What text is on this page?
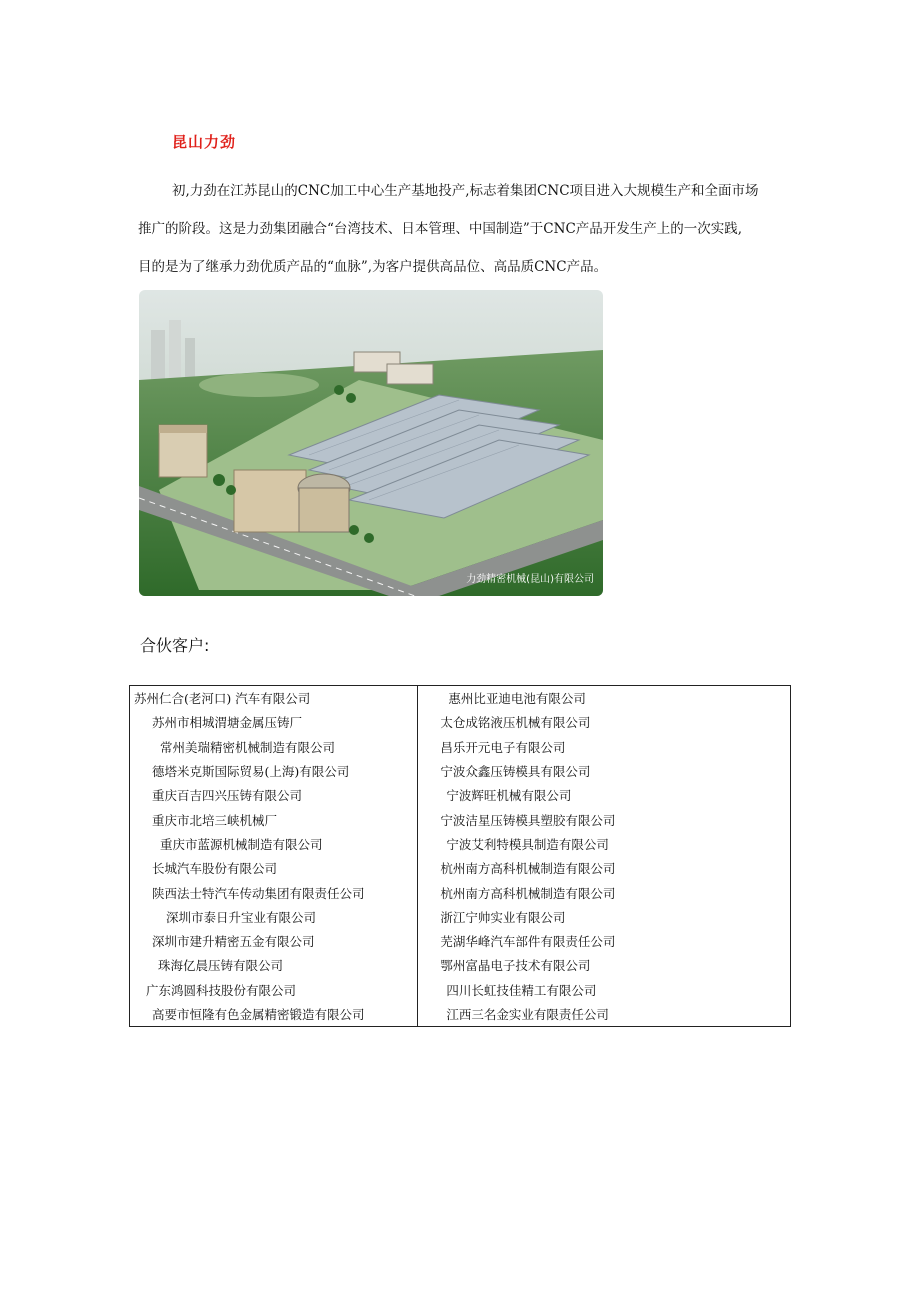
昆山力劲
初,力劲在江苏昆山的CNC加工中心生产基地投产,标志着集团CNC项目进入大规模生产和全面市场
推广的阶段。这是力劲集团融合“台湾技术、日本管理、中国制造”于CNC产品开发生产上的一次实践,
目的是为了继承力劲优质产品的“血脉”,为客户提供高品位、高品质CNC产品。
力劲精密机械(昆山)有限公司
合伙客户:
苏州仁合(老河口) 汽车有限公司	惠州比亚迪电池有限公司
苏州市相城渭塘金属压铸厂	太仓成铭液压机械有限公司
常州美瑞精密机械制造有限公司	昌乐开元电子有限公司
德塔米克斯国际贸易(上海)有限公司	宁波众鑫压铸模具有限公司
重庆百吉四兴压铸有限公司	宁波辉旺机械有限公司
重庆市北培三峡机械厂	宁波洁星压铸模具塑胶有限公司
重庆市蓝源机械制造有限公司	宁波艾利特模具制造有限公司
长城汽车股份有限公司	杭州南方高科机械制造有限公司
陕西法士特汽车传动集团有限责任公司	杭州南方高科机械制造有限公司
深圳市泰日升宝业有限公司	浙江宁帅实业有限公司
深圳市建升精密五金有限公司	芜湖华峰汽车部件有限责任公司
珠海亿晨压铸有限公司	鄂州富晶电子技术有限公司
广东鸿圆科技股份有限公司	四川长虹技佳精工有限公司
高要市恒隆有色金属精密锻造有限公司	江西三名金实业有限责任公司
